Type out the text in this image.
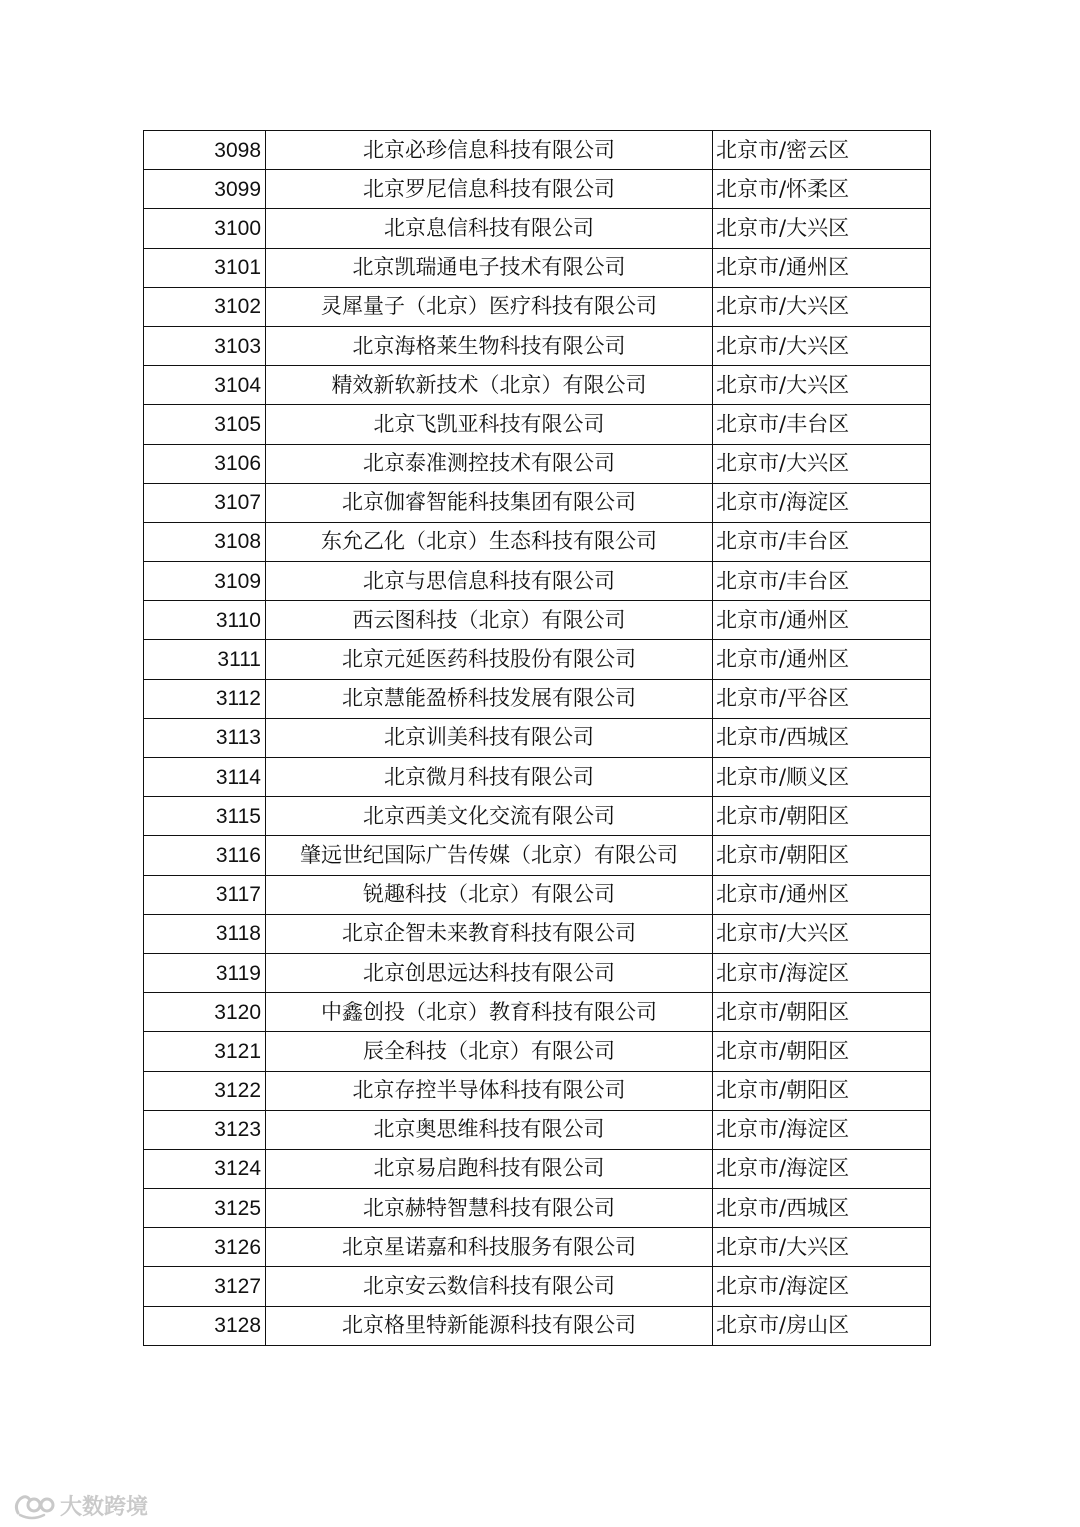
3098	北京必珍信息科技有限公司	北京市/密云区
3099	北京罗尼信息科技有限公司	北京市/怀柔区
3100	北京息信科技有限公司	北京市/大兴区
3101	北京凯瑞通电子技术有限公司	北京市/通州区
3102	灵犀量子（北京）医疗科技有限公司	北京市/大兴区
3103	北京海格莱生物科技有限公司	北京市/大兴区
3104	精效新软新技术（北京）有限公司	北京市/大兴区
3105	北京飞凯亚科技有限公司	北京市/丰台区
3106	北京泰准测控技术有限公司	北京市/大兴区
3107	北京伽睿智能科技集团有限公司	北京市/海淀区
3108	东允乙化（北京）生态科技有限公司	北京市/丰台区
3109	北京与思信息科技有限公司	北京市/丰台区
3110	西云图科技（北京）有限公司	北京市/通州区
3111	北京元延医药科技股份有限公司	北京市/通州区
3112	北京慧能盈桥科技发展有限公司	北京市/平谷区
3113	北京训美科技有限公司	北京市/西城区
3114	北京微月科技有限公司	北京市/顺义区
3115	北京西美文化交流有限公司	北京市/朝阳区
3116	肇远世纪国际广告传媒（北京）有限公司	北京市/朝阳区
3117	锐趣科技（北京）有限公司	北京市/通州区
3118	北京企智未来教育科技有限公司	北京市/大兴区
3119	北京创思远达科技有限公司	北京市/海淀区
3120	中鑫创投（北京）教育科技有限公司	北京市/朝阳区
3121	辰全科技（北京）有限公司	北京市/朝阳区
3122	北京存控半导体科技有限公司	北京市/朝阳区
3123	北京奥思维科技有限公司	北京市/海淀区
3124	北京易启跑科技有限公司	北京市/海淀区
3125	北京赫特智慧科技有限公司	北京市/西城区
3126	北京星诺嘉和科技服务有限公司	北京市/大兴区
3127	北京安云数信科技有限公司	北京市/海淀区
3128	北京格里特新能源科技有限公司	北京市/房山区
大数跨境
